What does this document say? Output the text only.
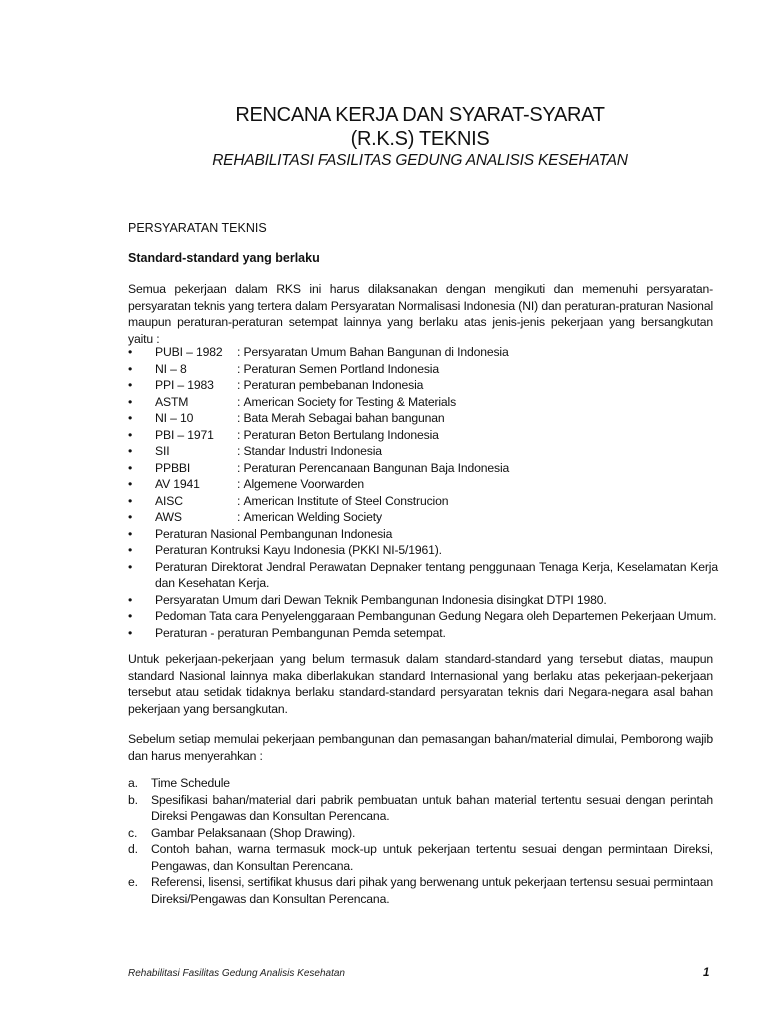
RENCANA KERJA DAN SYARAT-SYARAT
(R.K.S) TEKNIS
REHABILITASI FASILITAS GEDUNG ANALISIS KESEHATAN
PERSYARATAN TEKNIS
Standard-standard yang berlaku
Semua pekerjaan dalam RKS ini harus dilaksanakan dengan mengikuti dan memenuhi persyaratan-persyaratan teknis yang tertera dalam Persyaratan Normalisasi Indonesia (NI) dan peraturan-praturan Nasional maupun peraturan-peraturan setempat lainnya yang berlaku atas jenis-jenis pekerjaan yang bersangkutan yaitu :
•	PUBI – 1982 : Persyaratan Umum Bahan Bangunan di Indonesia
•	NI – 8	: Peraturan Semen Portland Indonesia
•	PPI – 1983 : Peraturan pembebanan Indonesia
•	ASTM	: American Society for Testing & Materials
•	NI – 10	: Bata Merah Sebagai bahan bangunan
•	PBI – 1971 : Peraturan Beton Bertulang Indonesia
•	SII	: Standar Industri Indonesia
•	PPBBI	: Peraturan Perencanaan Bangunan Baja Indonesia
•	AV 1941	: Algemene Voorwarden
•	AISC	: American Institute of Steel Construcion
•	AWS	: American Welding Society
•	Peraturan Nasional Pembangunan Indonesia
•	Peraturan Kontruksi Kayu Indonesia (PKKI NI-5/1961).
•	Peraturan Direktorat Jendral Perawatan Depnaker tentang penggunaan Tenaga Kerja, Keselamatan Kerja dan Kesehatan Kerja.
•	Persyaratan Umum dari Dewan Teknik Pembangunan Indonesia disingkat DTPI 1980.
•	Pedoman Tata cara Penyelenggaraan Pembangunan Gedung Negara oleh Departemen Pekerjaan Umum.
•	Peraturan - peraturan Pembangunan Pemda setempat.
Untuk pekerjaan-pekerjaan yang belum termasuk dalam standard-standard yang tersebut diatas, maupun standard Nasional lainnya maka diberlakukan standard Internasional yang berlaku atas pekerjaan-pekerjaan tersebut atau setidak tidaknya berlaku standard-standard persyaratan teknis dari Negara-negara asal bahan pekerjaan yang bersangkutan.
Sebelum setiap memulai pekerjaan pembangunan dan pemasangan bahan/material dimulai, Pemborong wajib dan harus menyerahkan :
a. Time Schedule
b. Spesifikasi bahan/material dari pabrik pembuatan untuk bahan material tertentu sesuai dengan perintah Direksi Pengawas dan Konsultan Perencana.
c. Gambar Pelaksanaan (Shop Drawing).
d. Contoh bahan, warna termasuk mock-up untuk pekerjaan tertentu sesuai dengan permintaan Direksi, Pengawas, dan Konsultan Perencana.
e. Referensi, lisensi, sertifikat khusus dari pihak yang berwenang untuk pekerjaan tertensu sesuai permintaan Direksi/Pengawas dan Konsultan Perencana.
Rehabilitasi Fasilitas Gedung Analisis Kesehatan	1
